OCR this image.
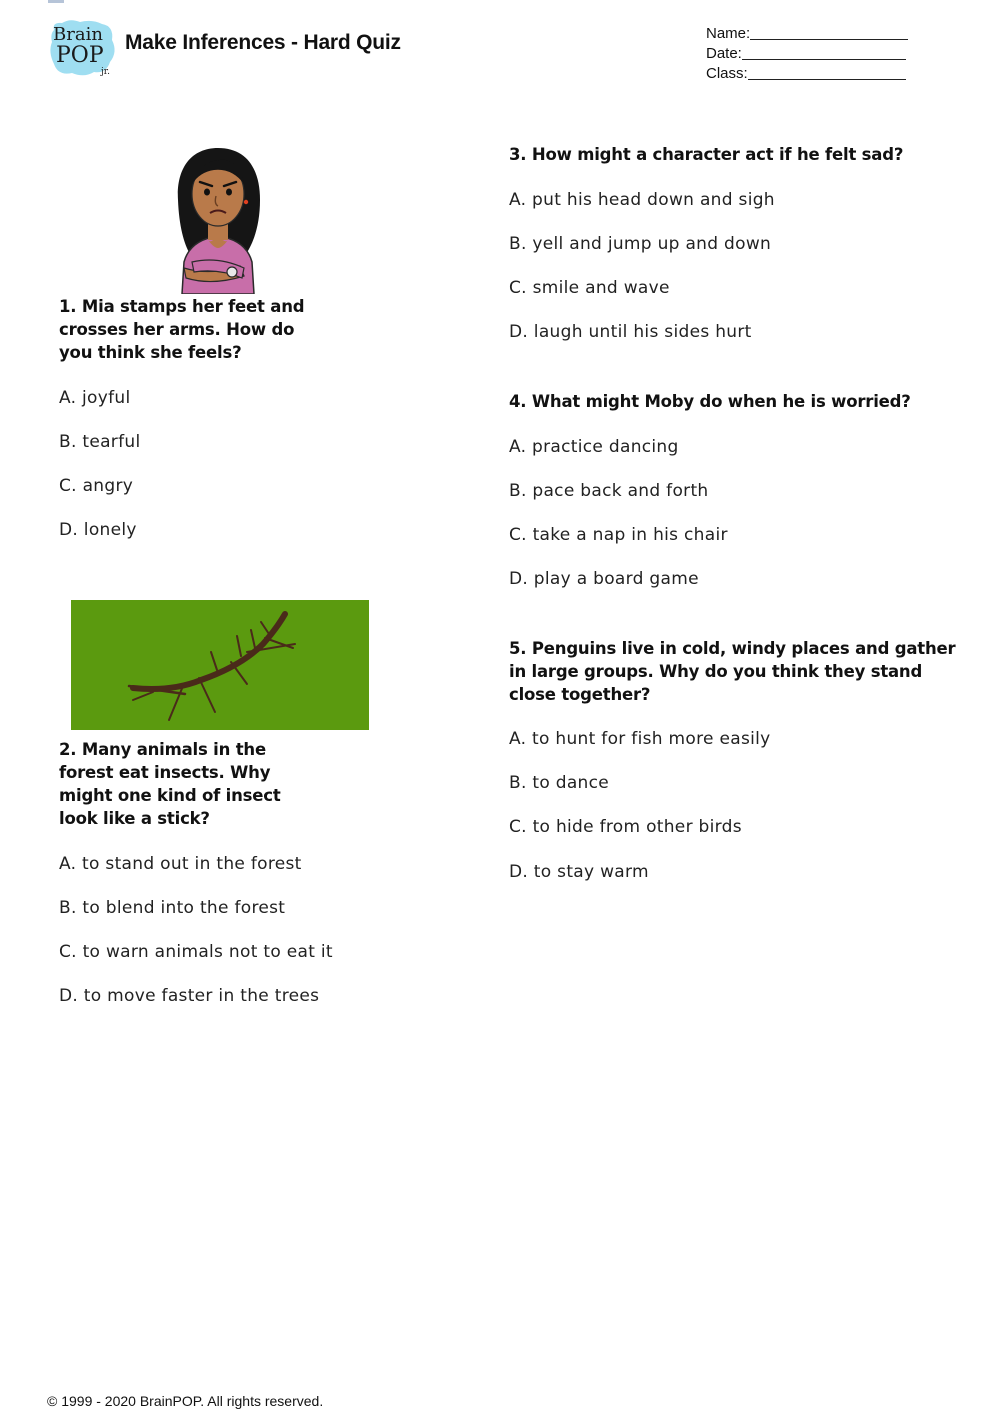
Brain
POP
jr.
Make Inferences - Hard Quiz	Name:
Date:
Class:
1. Mia stamps her feet and
crosses her arms. How do
you think she feels?
A. joyful
B. tearful
C. angry
D. lonely
2. Many animals in the
forest eat insects. Why
might one kind of insect
look like a stick?
A. to stand out in the forest
B. to blend into the forest
C. to warn animals not to eat it
D. to move faster in the trees
3. How might a character act if he felt sad?
A. put his head down and sigh
B. yell and jump up and down
C. smile and wave
D. laugh until his sides hurt
4. What might Moby do when he is worried?
A. practice dancing
B. pace back and forth
C. take a nap in his chair
D. play a board game
5. Penguins live in cold, windy places and gather
in large groups. Why do you think they stand
close together?
A. to hunt for fish more easily
B. to dance
C. to hide from other birds
D. to stay warm
© 1999 - 2020 BrainPOP. All rights reserved.
